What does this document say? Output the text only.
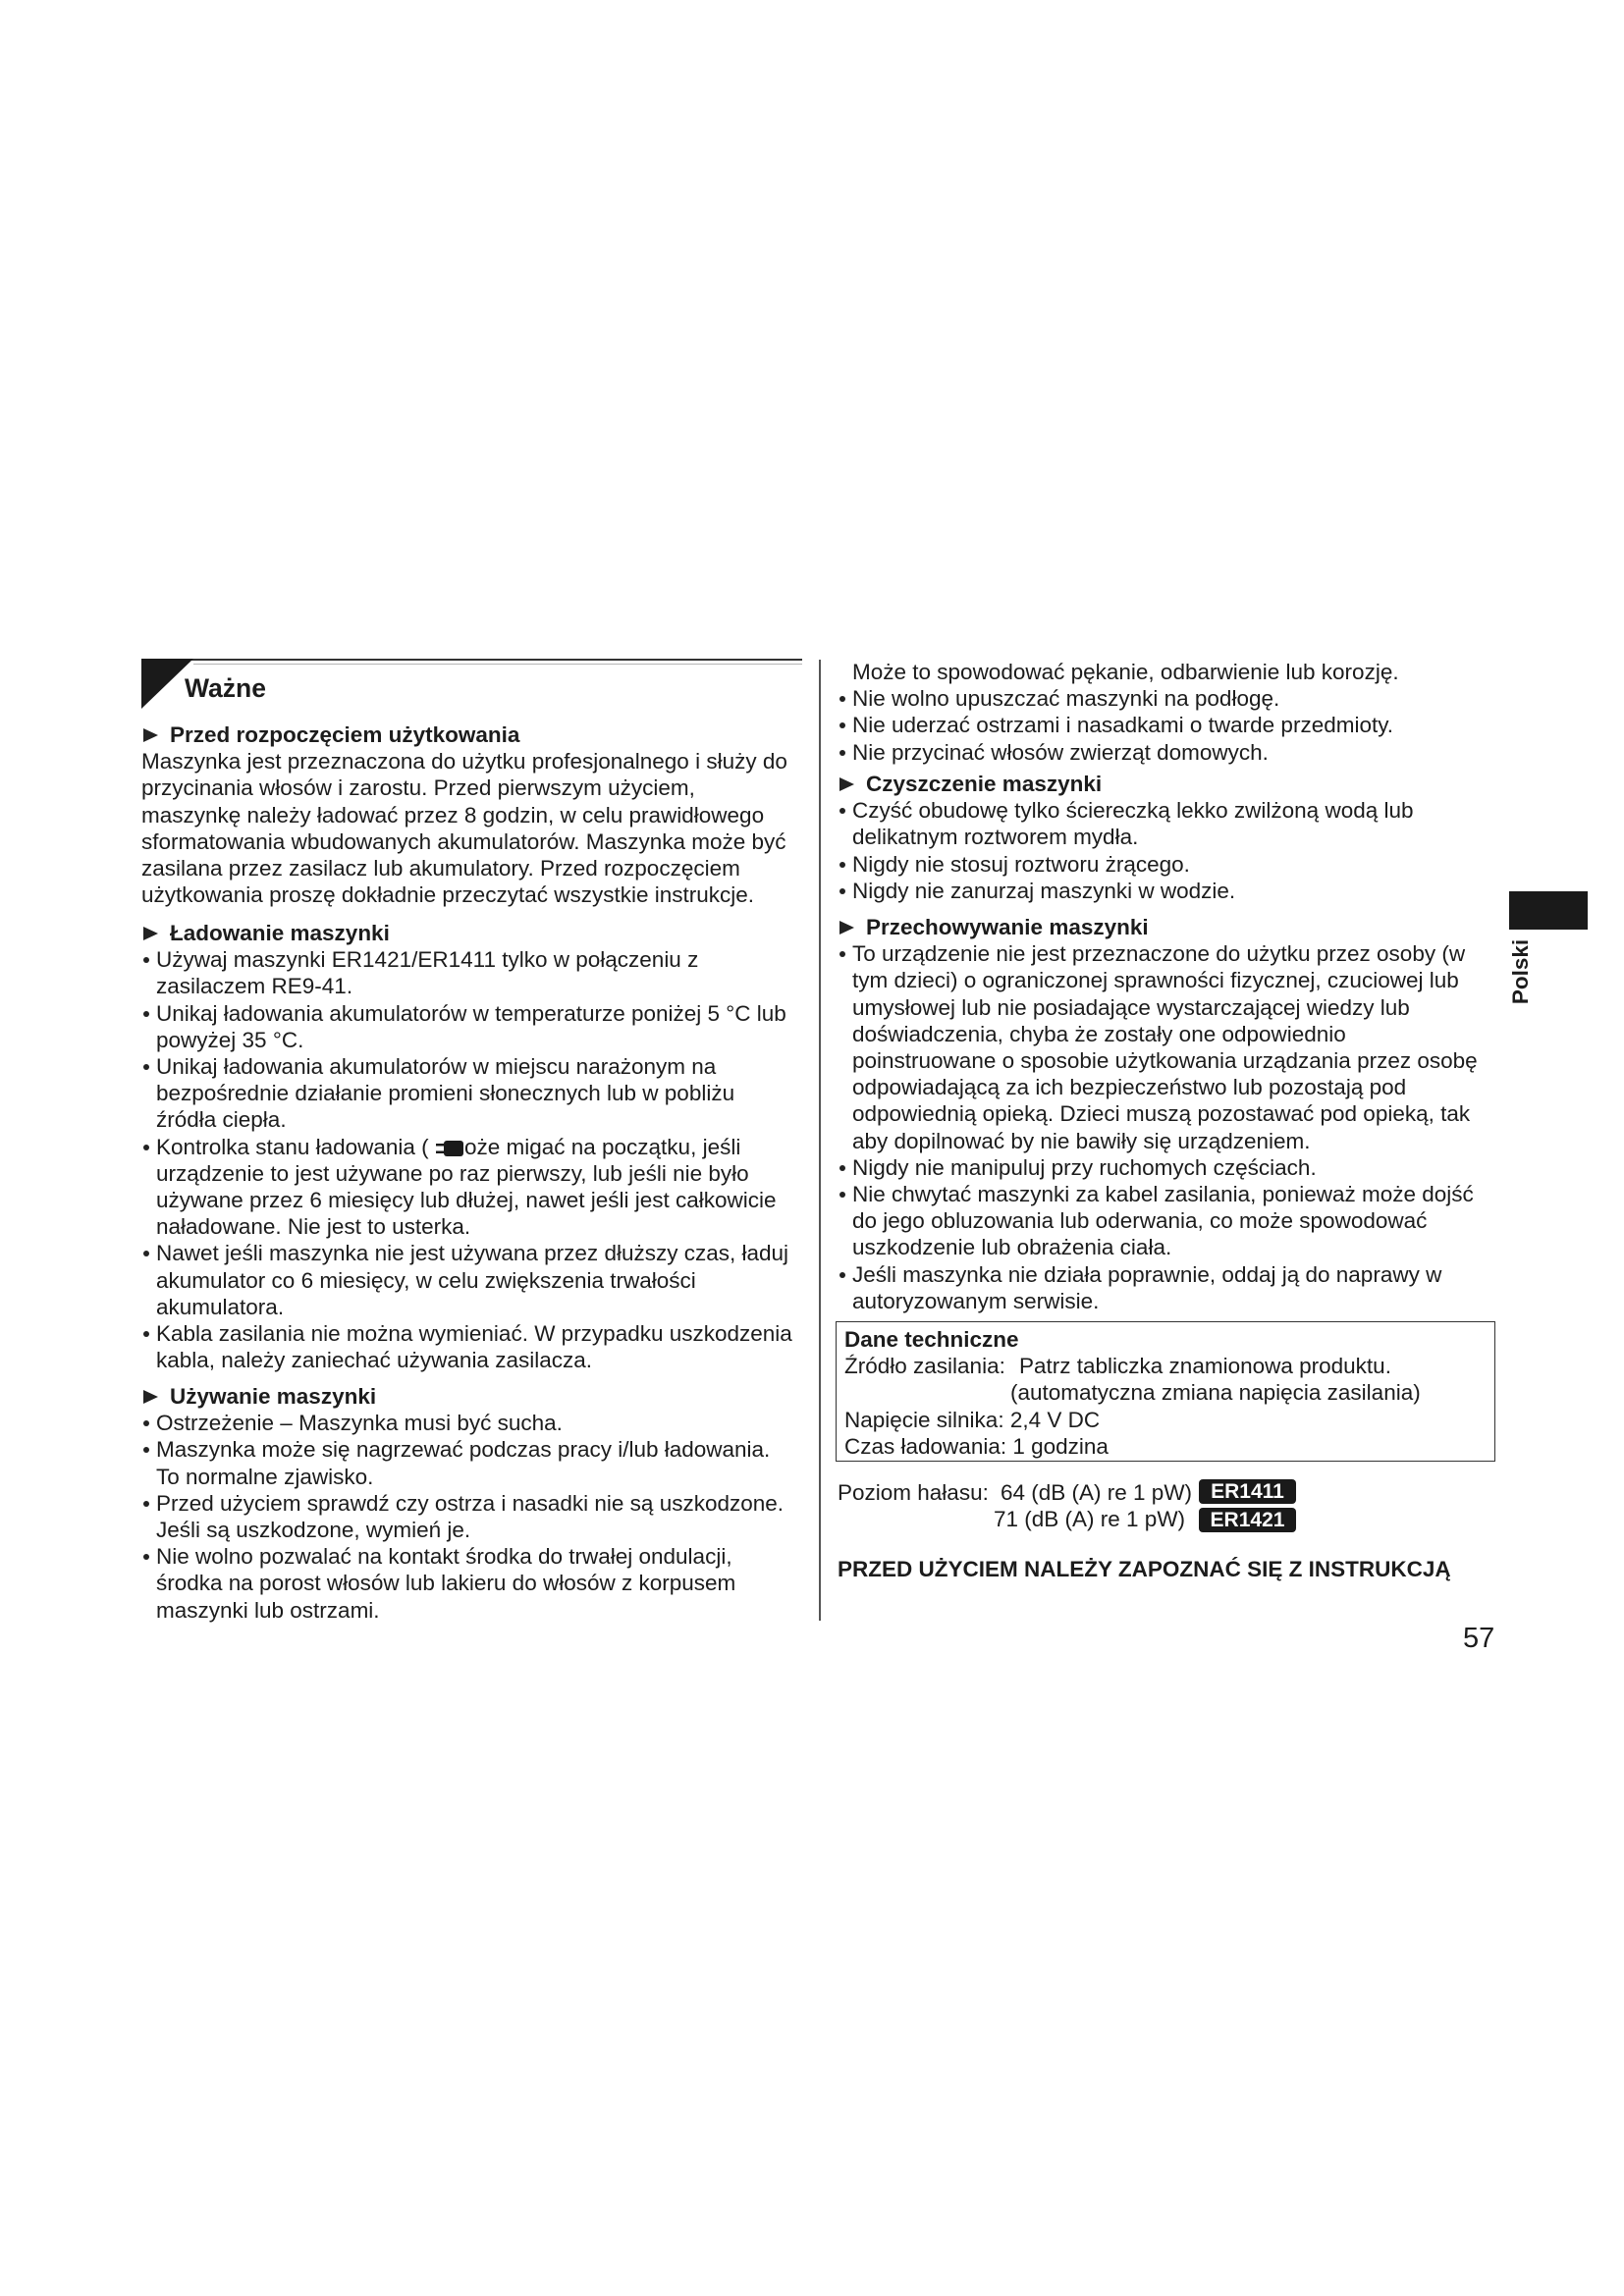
Ważne
Przed rozpoczęciem użytkowania
Maszynka jest przeznaczona do użytku profesjonalnego i służy do
przycinania włosów i zarostu. Przed pierwszym użyciem,
maszynkę należy ładować przez 8 godzin, w celu prawidłowego
sformatowania wbudowanych akumulatorów. Maszynka może być
zasilana przez zasilacz lub akumulatory. Przed rozpoczęciem
użytkowania proszę dokładnie przeczytać wszystkie instrukcje.
Ładowanie maszynki
Używaj maszynki ER1421/ER1411 tylko w połączeniu z
zasilaczem RE9-41.
Unikaj ładowania akumulatorów w temperaturze poniżej 5 °C lub
powyżej 35 °C.
Unikaj ładowania akumulatorów w miejscu narażonym na
bezpośrednie działanie promieni słonecznych lub w pobliżu
źródła ciepła.
Kontrolka stanu ładowania ( oże migać na początku, jeśli
urządzenie to jest używane po raz pierwszy, lub jeśli nie było
używane przez 6 miesięcy lub dłużej, nawet jeśli jest całkowicie
naładowane. Nie jest to usterka.
Nawet jeśli maszynka nie jest używana przez dłuższy czas, ładuj
akumulator co 6 miesięcy, w celu zwiększenia trwałości
akumulatora.
Kabla zasilania nie można wymieniać. W przypadku uszkodzenia
kabla, należy zaniechać używania zasilacza.
Używanie maszynki
Ostrzeżenie – Maszynka musi być sucha.
Maszynka może się nagrzewać podczas pracy i/lub ładowania.
To normalne zjawisko.
Przed użyciem sprawdź czy ostrza i nasadki nie są uszkodzone.
Jeśli są uszkodzone, wymień je.
Nie wolno pozwalać na kontakt środka do trwałej ondulacji,
środka na porost włosów lub lakieru do włosów z korpusem
maszynki lub ostrzami.
Może to spowodować pękanie, odbarwienie lub korozję.
Nie wolno upuszczać maszynki na podłogę.
Nie uderzać ostrzami i nasadkami o twarde przedmioty.
Nie przycinać włosów zwierząt domowych.
Czyszczenie maszynki
Czyść obudowę tylko ściereczką lekko zwilżoną wodą lub
delikatnym roztworem mydła.
Nigdy nie stosuj roztworu żrącego.
Nigdy nie zanurzaj maszynki w wodzie.
Przechowywanie maszynki
To urządzenie nie jest przeznaczone do użytku przez osoby (w
tym dzieci) o ograniczonej sprawności fizycznej, czuciowej lub
umysłowej lub nie posiadające wystarczającej wiedzy lub
doświadczenia, chyba że zostały one odpowiednio
poinstruowane o sposobie użytkowania urządzania przez osobę
odpowiadającą za ich bezpieczeństwo lub pozostają pod
odpowiednią opieką. Dzieci muszą pozostawać pod opieką, tak
aby dopilnować by nie bawiły się urządzeniem.
Nigdy nie manipuluj przy ruchomych częściach.
Nie chwytać maszynki za kabel zasilania, ponieważ może dojść
do jego obluzowania lub oderwania, co może spowodować
uszkodzenie lub obrażenia ciała.
Jeśli maszynka nie działa poprawnie, oddaj ją do naprawy w
autoryzowanym serwisie.
Dane techniczne
Źródło zasilania: Patrz tabliczka znamionowa produktu.
(automatyczna zmiana napięcia zasilania)
Napięcie silnika: 2,4 V DC
Czas ładowania: 1 godzina
Poziom hałasu: 64 (dB (A) re 1 pW) ER1411
71 (dB (A) re 1 pW)	ER1421
PRZED UŻYCIEM NALEŻY ZAPOZNAĆ SIĘ Z INSTRUKCJĄ
57
Polski
